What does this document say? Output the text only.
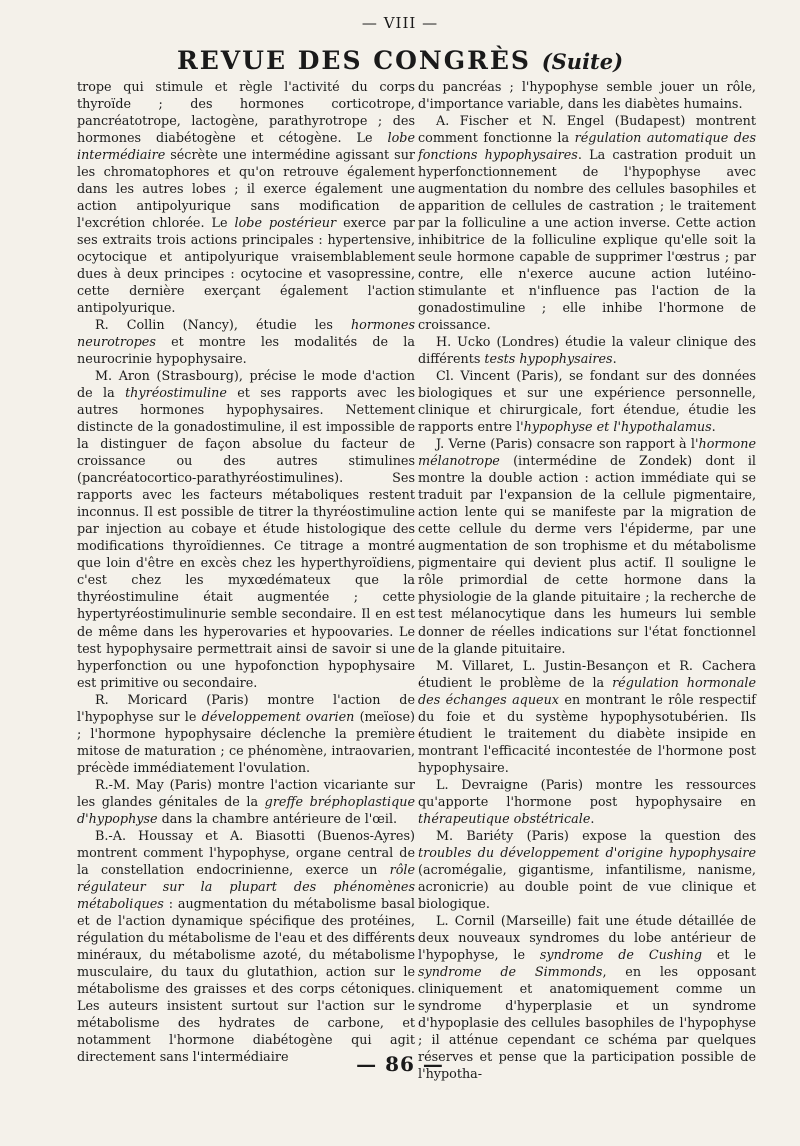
— VIII —
REVUE DES CONGRÈS (Suite)

trope qui stimule et règle l'activité du corps thyroïde ; des hormones corticotrope, pancréatotrope, lactogène, parathyrotrope ; des hormones diabétogène et cétogène. Le lobe intermédiaire sécrète une intermédine agissant sur les chromatophores et qu'on retrouve également dans les autres lobes ; il exerce également une action antipolyurique sans modification de l'excrétion chlorée. Le lobe postérieur exerce par ses extraits trois actions principales : hypertensive, ocytocique et antipolyurique vraisemblablement dues à deux principes : ocytocine et vasopressine, cette dernière exerçant également l'action antipolyurique.

R. Collin (Nancy), étudie les hormones neurotropes et montre les modalités de la neurocrinie hypophysaire.

M. Aron (Strasbourg), précise le mode d'action de la thyréostimuline et ses rapports avec les autres hormones hypophysaires. Nettement distincte de la gonadostimuline, il est impossible de la distinguer de façon absolue du facteur de croissance ou des autres stimulines (pancréatocortico-parathyréostimulines). Ses rapports avec les facteurs métaboliques restent inconnus. Il est possible de titrer la thyréostimuline par injection au cobaye et étude histologique des modifications thyroïdiennes. Ce titrage a montré que loin d'être en excès chez les hyperthyroïdiens, c'est chez les myxœdémateux que la thyréostimuline était augmentée ; cette hypertyréostimulinurie semble secondaire. Il en est de même dans les hyperovaries et hypoovaries. Le test hypophysaire permettrait ainsi de savoir si une hyperfonction ou une hypofonction hypophysaire est primitive ou secondaire.

R. Moricard (Paris) montre l'action de l'hypophyse sur le développement ovarien (meïose) ; l'hormone hypophysaire déclenche la première mitose de maturation ; ce phénomène, intraovarien, précède immédiatement l'ovulation.

R.-M. May (Paris) montre l'action vicariante sur les glandes génitales de la greffe bréphoplastique d'hypophyse dans la chambre antérieure de l'œil.

B.-A. Houssay et A. Biasotti (Buenos-Ayres) montrent comment l'hypophyse, organe central de la constellation endocrinienne, exerce un rôle régulateur sur la plupart des phénomènes métaboliques : augmentation du métabolisme basal et de l'action dynamique spécifique des protéines, régulation du métabolisme de l'eau et des différents minéraux, du métabolisme azoté, du métabolisme musculaire, du taux du glutathion, action sur le métabolisme des graisses et des corps cétoniques. Les auteurs insistent surtout sur l'action sur le métabolisme des hydrates de carbone, et notamment l'hormone diabétogène qui agit directement sans l'intermédiaire

du pancréas ; l'hypophyse semble jouer un rôle, d'importance variable, dans les diabètes humains.

A. Fischer et N. Engel (Budapest) montrent comment fonctionne la régulation automatique des fonctions hypophysaires. La castration produit un hyperfonctionnement de l'hypophyse avec augmentation du nombre des cellules basophiles et apparition de cellules de castration ; le traitement par la folliculine a une action inverse. Cette action inhibitrice de la folliculine explique qu'elle soit la seule hormone capable de supprimer l'œstrus ; par contre, elle n'exerce aucune action lutéino-stimulante et n'influence pas l'action de la gonadostimuline ; elle inhibe l'hormone de croissance.

H. Ucko (Londres) étudie la valeur clinique des différents tests hypophysaires.

Cl. Vincent (Paris), se fondant sur des données biologiques et sur une expérience personnelle, clinique et chirurgicale, fort étendue, étudie les rapports entre l'hypophyse et l'hypothalamus.

J. Verne (Paris) consacre son rapport à l'hormone mélanotrope (intermédine de Zondek) dont il montre la double action : action immédiate qui se traduit par l'expansion de la cellule pigmentaire, action lente qui se manifeste par la migration de cette cellule du derme vers l'épiderme, par une augmentation de son trophisme et du métabolisme pigmentaire qui devient plus actif. Il souligne le rôle primordial de cette hormone dans la physiologie de la glande pituitaire ; la recherche de test mélanocytique dans les humeurs lui semble donner de réelles indications sur l'état fonctionnel de la glande pituitaire.

M. Villaret, L. Justin-Besançon et R. Cachera étudient le problème de la régulation hormonale des échanges aqueux en montrant le rôle respectif du foie et du système hypophysotubérien. Ils étudient le traitement du diabète insipide en montrant l'efficacité incontestée de l'hormone post hypophysaire.

L. Devraigne (Paris) montre les ressources qu'apporte l'hormone post hypophysaire en thérapeutique obstétricale.

M. Bariéty (Paris) expose la question des troubles du développement d'origine hypophysaire (acromégalie, gigantisme, infantilisme, nanisme, acronicrie) au double point de vue clinique et biologique.

L. Cornil (Marseille) fait une étude détaillée de deux nouveaux syndromes du lobe antérieur de l'hypophyse, le syndrome de Cushing et le syndrome de Simmonds, en les opposant cliniquement et anatomiquement comme un syndrome d'hyperplasie et un syndrome d'hypoplasie des cellules basophiles de l'hypophyse ; il atténue cependant ce schéma par quelques réserves et pense que la participation possible de l'hypotha-

— 86 —
